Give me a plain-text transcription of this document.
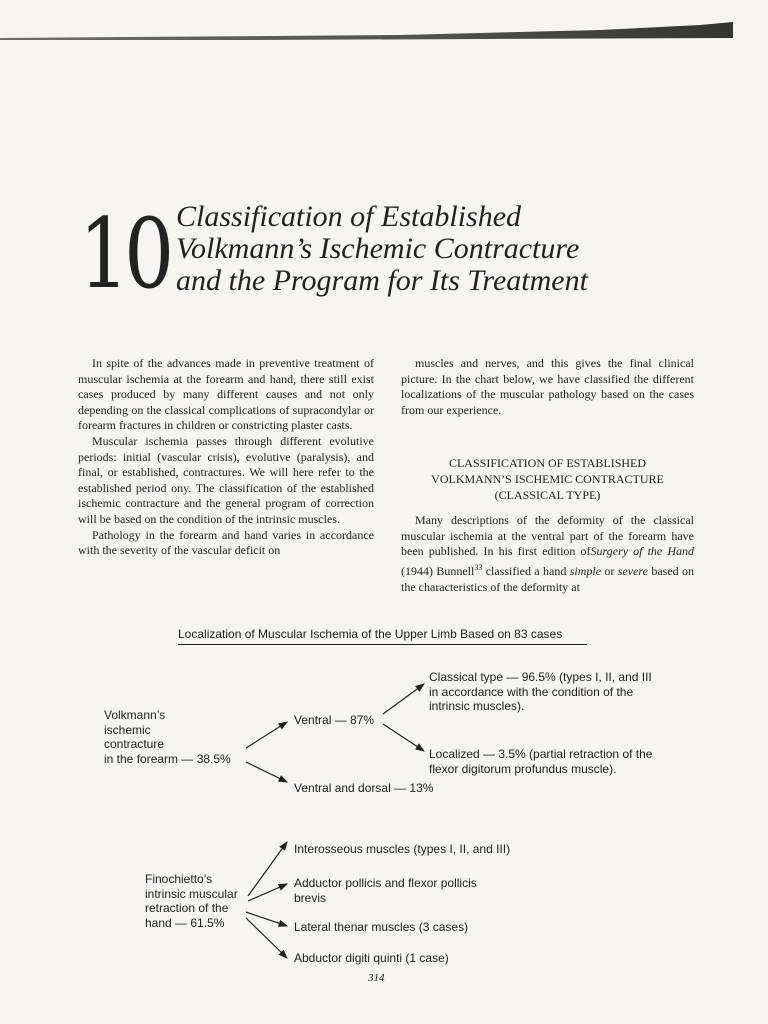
10 Classification of Established
Volkmann’s Ischemic Contracture
and the Program for Its Treatment

In spite of the advances made in preventive treatment of muscular ischemia at the forearm and hand, there still exist cases produced by many different causes and not only depending on the classical complications of supracondylar or forearm fractures in children or constricting plaster casts.

Muscular ischemia passes through different evolutive periods: initial (vascular crisis), evolutive (paralysis), and final, or established, contractures. We will here refer to the established period ony. The classification of the established ischemic contracture and the general program of correction will be based on the condition of the intrinsic muscles.

Pathology in the forearm and hand varies in accordance with the severity of the vascular deficit on

muscles and nerves, and this gives the final clinical picture. In the chart below, we have classified the different localizations of the muscular pathology based on the cases from our experience.

CLASSIFICATION OF ESTABLISHED
VOLKMANN’S ISCHEMIC CONTRACTURE
(CLASSICAL TYPE)

Many descriptions of the deformity of the classical muscular ischemia at the ventral part of the forearm have been published. In his first edition ofSurgery of the Hand (1944) Bunnell$^{33}$ classified a hand simple or severe based on the characteristics of the deformity at

Localization of Muscular Ischemia of the Upper Limb Based on 83 cases
Volkmann’s
ischemic
contracture
in the forearm — 38.5%
Ventral — 87%
Ventral and dorsal — 13%
Classical type — 96.5% (types I, II, and III
in accordance with the condition of the
intrinsic muscles).
Localized — 3.5% (partial retraction of the
flexor digitorum profundus muscle).
Finochietto’s
intrinsic muscular
retraction of the
hand — 61.5%
Interosseous muscles (types I, II, and III)
Adductor pollicis and flexor pollicis
brevis
Lateral thenar muscles (3 cases)
Abductor digiti quinti (1 case)
314
